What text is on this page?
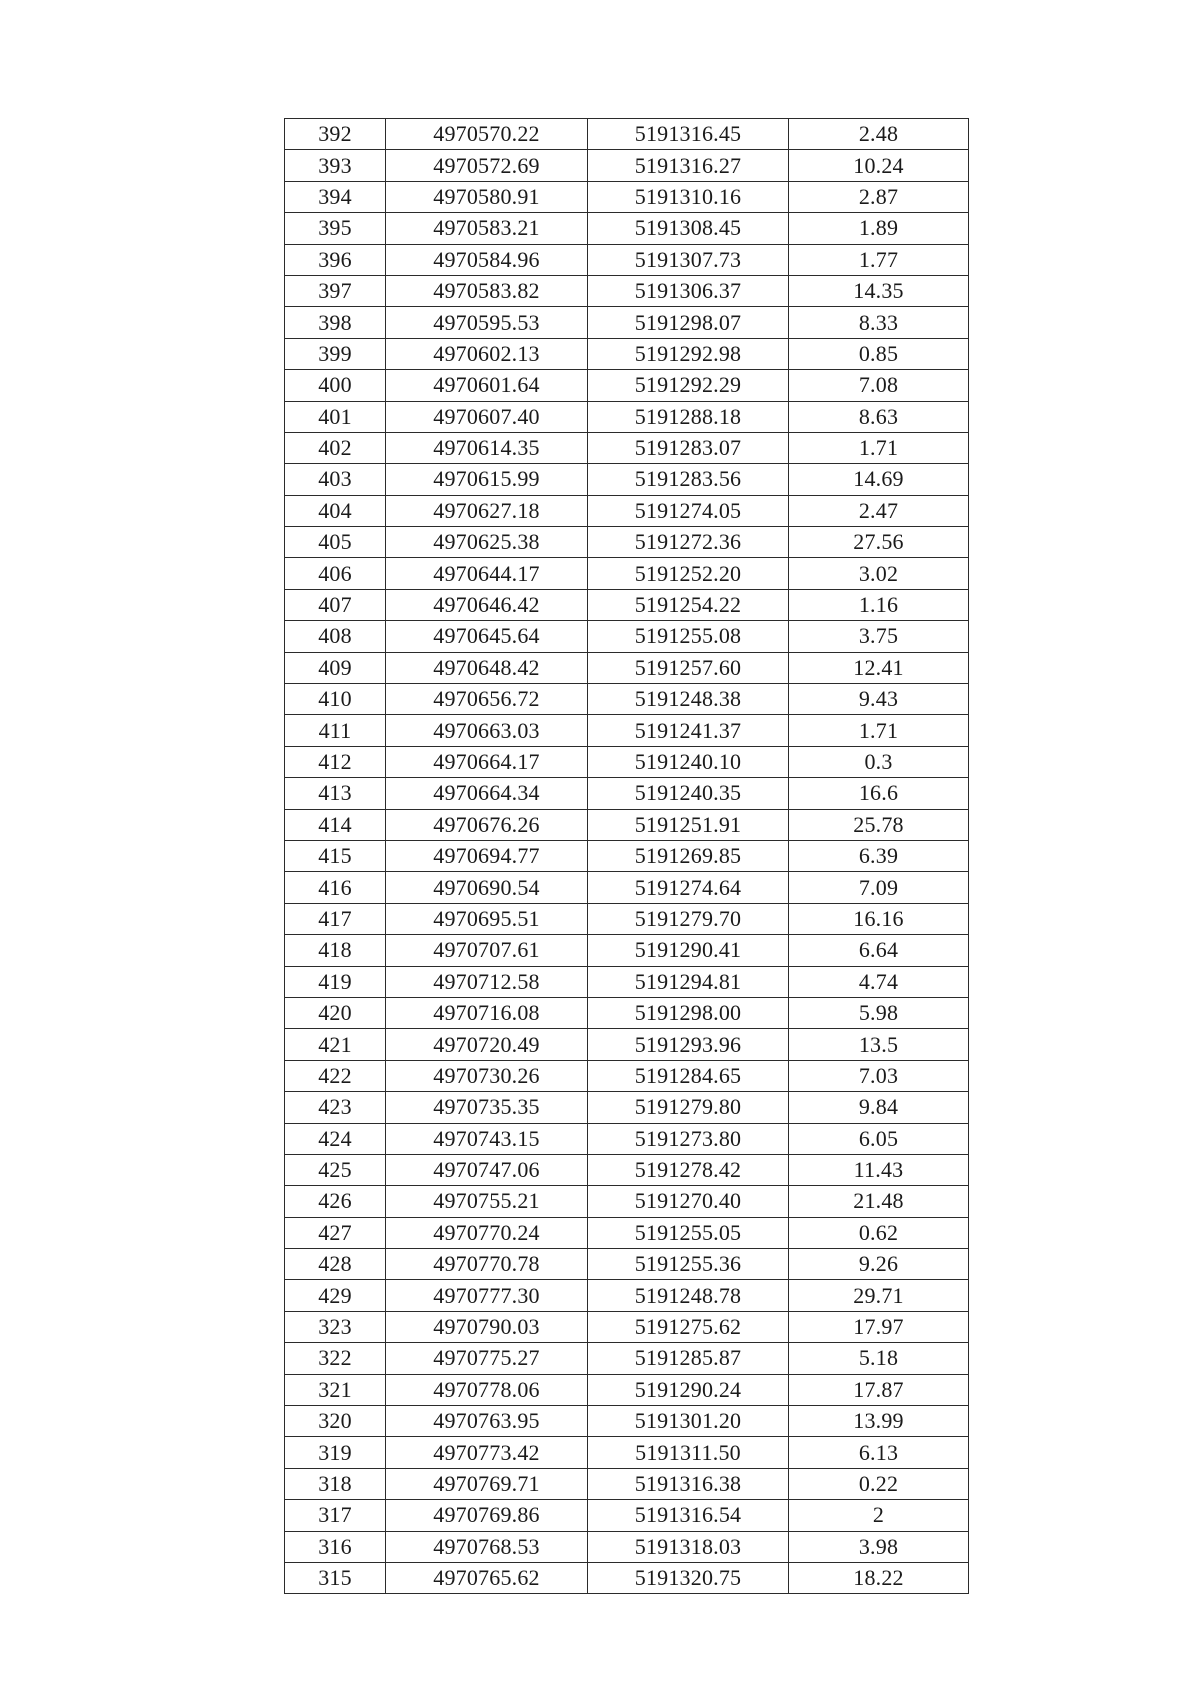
392	4970570.22	5191316.45	2.48
393	4970572.69	5191316.27	10.24
394	4970580.91	5191310.16	2.87
395	4970583.21	5191308.45	1.89
396	4970584.96	5191307.73	1.77
397	4970583.82	5191306.37	14.35
398	4970595.53	5191298.07	8.33
399	4970602.13	5191292.98	0.85
400	4970601.64	5191292.29	7.08
401	4970607.40	5191288.18	8.63
402	4970614.35	5191283.07	1.71
403	4970615.99	5191283.56	14.69
404	4970627.18	5191274.05	2.47
405	4970625.38	5191272.36	27.56
406	4970644.17	5191252.20	3.02
407	4970646.42	5191254.22	1.16
408	4970645.64	5191255.08	3.75
409	4970648.42	5191257.60	12.41
410	4970656.72	5191248.38	9.43
411	4970663.03	5191241.37	1.71
412	4970664.17	5191240.10	0.3
413	4970664.34	5191240.35	16.6
414	4970676.26	5191251.91	25.78
415	4970694.77	5191269.85	6.39
416	4970690.54	5191274.64	7.09
417	4970695.51	5191279.70	16.16
418	4970707.61	5191290.41	6.64
419	4970712.58	5191294.81	4.74
420	4970716.08	5191298.00	5.98
421	4970720.49	5191293.96	13.5
422	4970730.26	5191284.65	7.03
423	4970735.35	5191279.80	9.84
424	4970743.15	5191273.80	6.05
425	4970747.06	5191278.42	11.43
426	4970755.21	5191270.40	21.48
427	4970770.24	5191255.05	0.62
428	4970770.78	5191255.36	9.26
429	4970777.30	5191248.78	29.71
323	4970790.03	5191275.62	17.97
322	4970775.27	5191285.87	5.18
321	4970778.06	5191290.24	17.87
320	4970763.95	5191301.20	13.99
319	4970773.42	5191311.50	6.13
318	4970769.71	5191316.38	0.22
317	4970769.86	5191316.54	2
316	4970768.53	5191318.03	3.98
315	4970765.62	5191320.75	18.22
